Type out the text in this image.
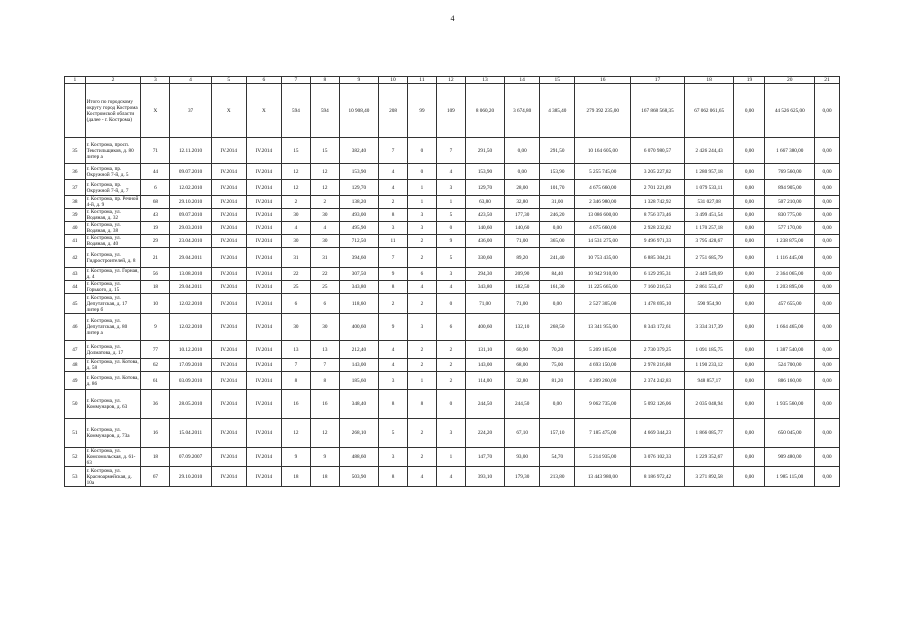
4
1	2	3	4	5	6	7	8	9	10	11	12	13	14	15	16	17	18	19	20	21
	Итого по городскому округу город Кострома Костромской области (далее - г. Кострома)	X	37	X	X	594	594	10 908,40	208	99	109	8 060,20	3 674,80	4 385,40	279 392 235,00	167 868 568,35	67 062 061,65	0,00	44 526 625,00	0,00
35	г. Кострома, просп. Текстильщиков, д. 80 литер а	71	12.11.2010	IV.2014	IV.2014	15	15	382,40	7	0	7	291,50	0,00	291,50	10 164 605,00	6 070 980,57	2 426 244,43	0,00	1 667 380,00	0,00
36	г. Кострома, пр. Окружной 7-й, д. 5	44	09.07.2010	IV.2014	IV.2014	12	12	153,90	4	0	4	153,90	0,00	153,90	5 255 745,00	3 205 227,82	1 280 957,18	0,00	769 560,00	0,00
37	г. Кострома, пр. Окружной 7-й, д. 7	6	12.02.2010	IV.2014	IV.2014	12	12	129,70	4	1	3	129,70	28,00	101,70	4 675 660,00	2 701 221,89	1 079 533,11	0,00	894 905,00	0,00
38	г. Кострома, пр. Речной 4-й, д. 9	68	29.10.2010	IV.2014	IV.2014	2	2	138,20	2	1	1	63,80	32,80	31,00	2 346 980,00	1 328 742,92	531 027,08	0,00	507 210,00	0,00
39	г. Кострома, ул. Водяная, д. 32	43	09.07.2010	IV.2014	IV.2014	30	30	493,00	8	3	5	423,50	177,30	246,20	13 086 600,00	8 756 373,46	3 499 451,54	0,00	830 775,00	0,00
40	г. Кострома, ул. Водяная, д. 38	19	29.03.2010	IV.2014	IV.2014	4	4	495,90	3	3	0	140,60	140,60	0,00	4 675 660,00	2 928 232,82	1 170 257,18	0,00	577 170,00	0,00
41	г. Кострома, ул. Водяная, д. 40	29	23.04.2010	IV.2014	IV.2014	30	30	712,50	11	2	9	436,00	71,00	365,00	14 531 275,00	9 496 971,33	3 795 428,67	0,00	1 238 875,00	0,00
42	г. Кострома, ул. Гидростроителей, д. 8	21	29.04.2011	IV.2014	IV.2014	31	31	394,60	7	2	5	330,60	89,20	241,40	10 753 435,00	6 885 304,21	2 751 685,79	0,00	1 116 445,00	0,00
43	г. Кострома, ул. Горная, д. 4	56	13.08.2010	IV.2014	IV.2014	22	22	307,50	9	6	3	294,30	209,90	84,40	10 942 910,00	6 129 295,31	2 449 549,69	0,00	2 364 065,00	0,00
44	г. Кострома, ул. Горького, д. 15	18	29.04.2011	IV.2014	IV.2014	25	25	343,80	8	4	4	343,80	182,50	161,30	11 225 665,00	7 160 216,53	2 861 553,47	0,00	1 203 895,00	0,00
45	г. Кострома, ул. Депутатская, д. 17 литер б	10	12.02.2010	IV.2014	IV.2014	6	6	118,60	2	2	0	71,00	71,00	0,00	2 527 305,00	1 478 695,10	590 954,90	0,00	457 655,00	0,00
46	г. Кострома, ул. Депутатская, д. 80 литер а	9	12.02.2010	IV.2014	IV.2014	30	30	400,60	9	3	6	400,60	132,10	268,50	13 341 955,00	8 343 172,61	3 334 317,39	0,00	1 664 465,00	0,00
47	г. Кострома, ул. Долматова, д. 17	77	10.12.2010	IV.2014	IV.2014	13	13	212,40	4	2	2	131,10	60,90	70,20	5 209 105,00	2 730 379,25	1 091 185,75	0,00	1 387 540,00	0,00
48	г. Кострома, ул. Котова, д. 58	62	17.09.2010	IV.2014	IV.2014	7	7	143,00	4	2	2	143,00	68,00	75,00	4 693 150,00	2 978 216,88	1 190 233,12	0,00	524 700,00	0,00
49	г. Кострома, ул. Котова, д. 86	61	03.09.2010	IV.2014	IV.2014	8	8	185,60	3	1	2	114,00	32,80	81,20	4 209 260,00	2 374 242,83	948 857,17	0,00	886 160,00	0,00
50	г. Кострома, ул. Коммунаров, д. 63	36	28.05.2010	IV.2014	IV.2014	16	16	348,40	8	8	0	244,50	244,50	0,00	9 062 735,00	5 092 126,06	2 035 048,94	0,00	1 935 560,00	0,00
51	г. Кострома, ул. Коммунаров, д. 73а	16	15.04.2011	IV.2014	IV.2014	12	12	268,10	5	2	3	224,20	67,10	157,10	7 185 475,00	4 669 344,23	1 866 085,77	0,00	650 045,00	0,00
52	г. Кострома, ул. Комсомольская, д. 61-63	18	07.09.2007	IV.2014	IV.2014	9	9	488,60	3	2	1	147,70	93,00	54,70	5 214 935,00	3 076 102,33	1 229 352,67	0,00	909 480,00	0,00
53	г. Кострома, ул. Красноармейская, д. 10а	67	29.10.2010	IV.2014	IV.2014	18	18	503,90	8	4	4	393,10	179,30	213,80	13 443 980,00	8 186 972,42	3 271 892,58	0,00	1 985 115,00	0,00
